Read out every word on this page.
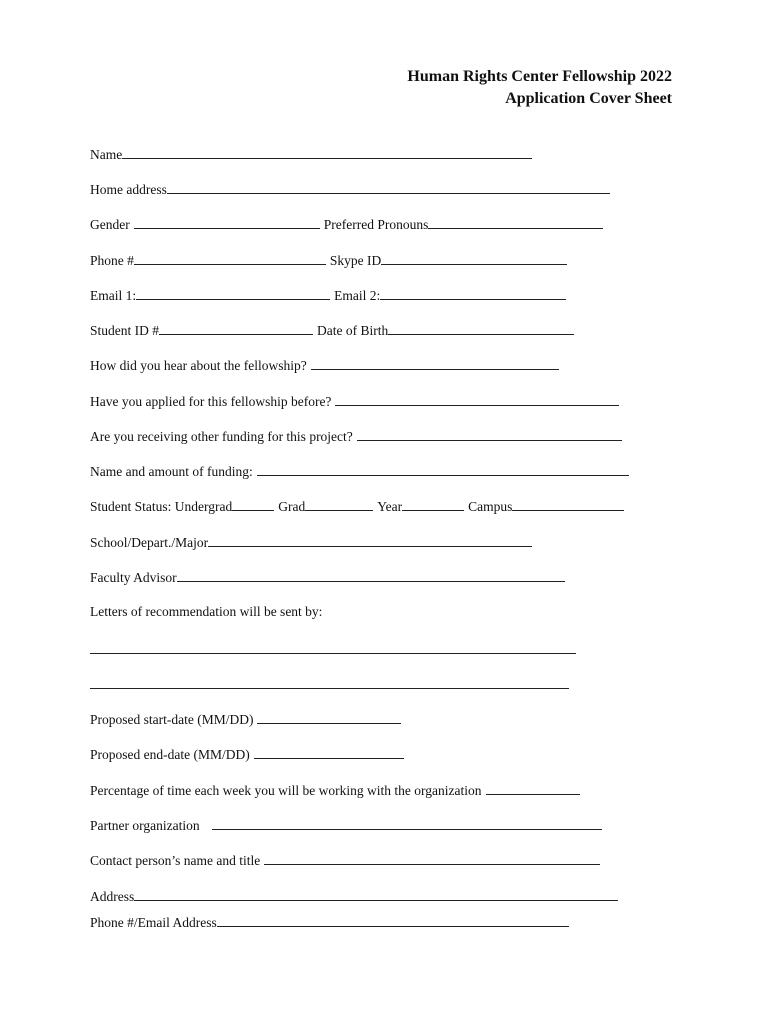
Human Rights Center Fellowship 2022
Application Cover Sheet
Name
Home address
Gender	Preferred Pronouns
Phone #	Skype ID
Email 1:	Email 2:
Student ID #	Date of Birth
How did you hear about the fellowship?
Have you applied for this fellowship before?
Are you receiving other funding for this project?
Name and amount of funding:
Student Status: Undergrad	Grad	Year	Campus
School/Depart./Major
Faculty Advisor
Letters of recommendation will be sent by:
Proposed start-date (MM/DD)
Proposed end-date (MM/DD)
Percentage of time each week you will be working with the organization
Partner organization
Contact person’s name and title
Address
Phone #/Email Address
